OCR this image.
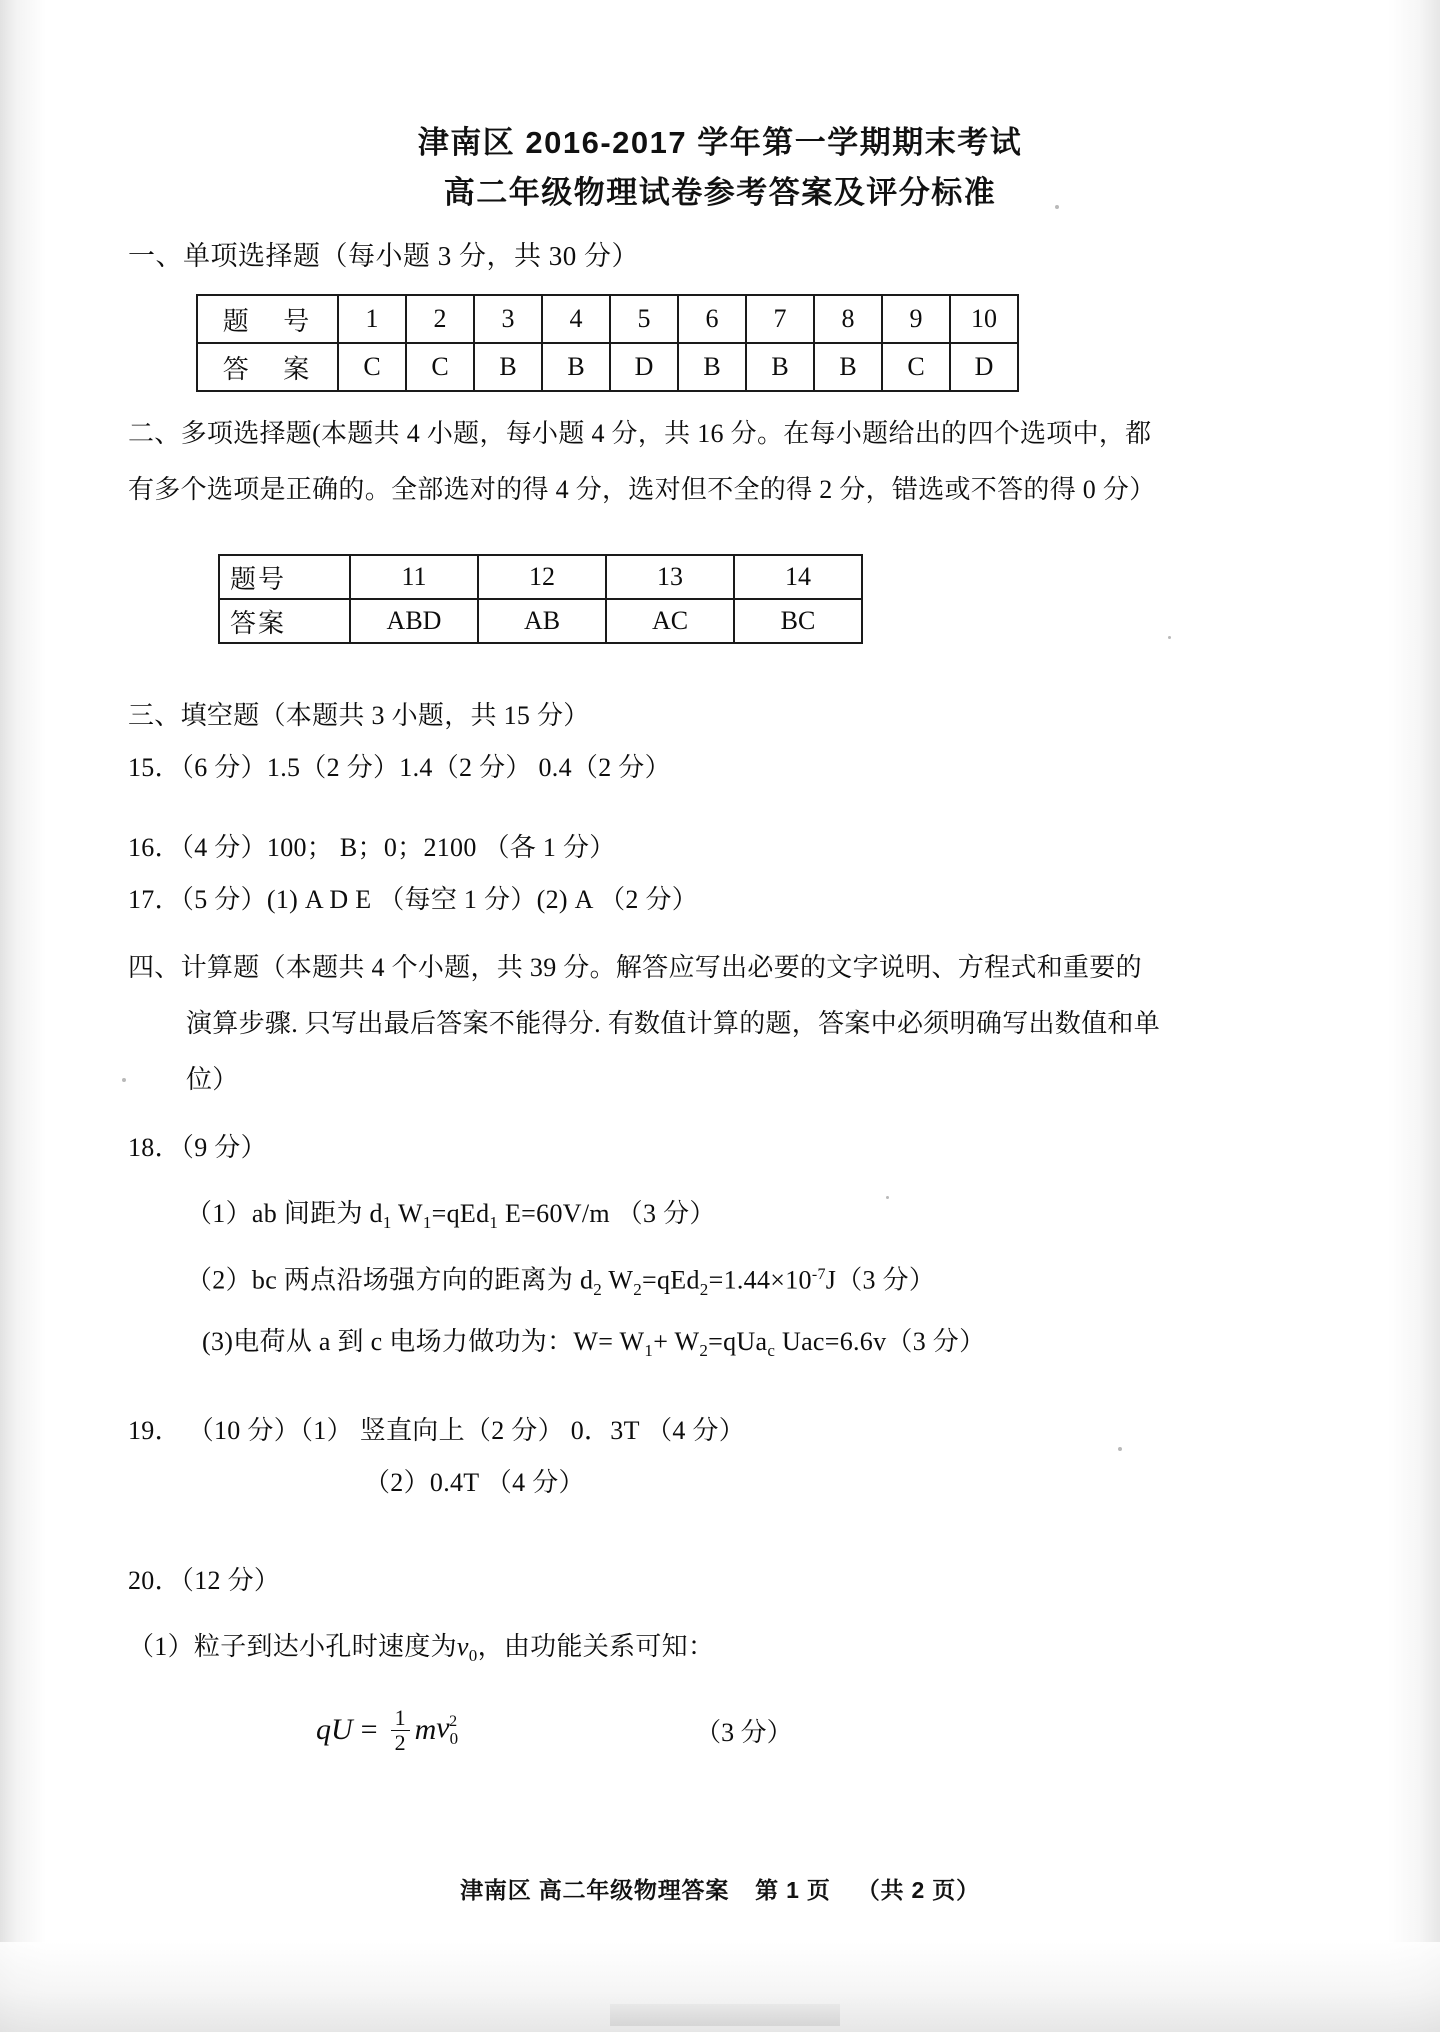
津南区 2016-2017 学年第一学期期末考试
高二年级物理试卷参考答案及评分标准
一、单项选择题（每小题 3 分，共 30 分）
题 号	1	2	3	4	5	6	7	8	9	10
答 案	C	C	B	B	D	B	B	B	C	D
二、多项选择题(本题共 4 小题，每小题 4 分，共 16 分。在每小题给出的四个选项中，都
有多个选项是正确的。全部选对的得 4 分，选对但不全的得 2 分，错选或不答的得 0 分）
题号	11	12	13	14
答案	ABD	AB	AC	BC
三、填空题（本题共 3 小题，共 15 分）
15．（6 分）1.5（2 分）1.4（2 分） 0.4（2 分）
16．（4 分）100； B；0；2100 （各 1 分）
17．（5 分）(1) A D E （每空 1 分）(2) A （2 分）
四、计算题（本题共 4 个小题，共 39 分。解答应写出必要的文字说明、方程式和重要的
演算步骤. 只写出最后答案不能得分. 有数值计算的题，答案中必须明确写出数值和单
位）
18．（9 分）
（1）ab 间距为 $d_1$ $W_1=qEd_1$ E=60V/m （3 分）
（2）bc 两点沿场强方向的距离为 $d_2$ $W_2=qEd_2=1.44\times 10^{-7}J(3$ 分）
(3)电荷从 a 到 c 电场力做功为：$W= W_1+ W_2=qUa_c$ Uac=6.6v（3 分）
19． （10 分）（1） 竖直向上（2 分） 0．3T （4 分）
（2）0.4T （4 分）
20．（12 分）
（1）粒子到达小孔时速度为$v_0$，由功能关系可知：
qU = $\frac{1}{2}$ m $v_0^2$	（3 分）
津南区 高二年级物理答案 第 1 页 （共 2 页）
